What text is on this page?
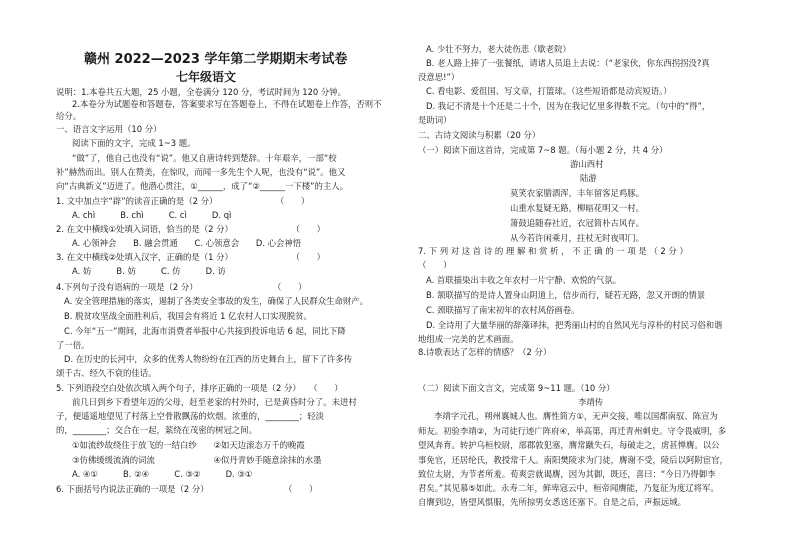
赣州 2022—2023 学年第二学期期末考试卷
七年级语文
说明：1.本卷共五大题，25 小题，全卷满分 120 分，考试时间为 120 分钟。
2.本卷分为试题卷和答题卷，答案要求写在答题卷上，不得在试题卷上作答，否则不
给分。
一、语言文字运用（10 分）
阅读下面的文字，完成 1~3 题。
“做”了，他自己也没有“说”。他又自唐诗转到楚辞。十年艰辛，一部“校
补”赫然而出。别人在赞美，在惊叹，而闻一多先生个人呢，也没有“说”。他又
向“古典新义”迈进了。他潜心贯注，①______，成了“②______一下楼”的主人。
1. 文中加点字“辟”的读音正确的是（2 分）　　　　　　　　（　　）
A. chì　　　B. chì　　　C. cì　　　D. qì
2. 在文中横线①处填入词语，恰当的是（2 分）　　　　　　　　（　　）
A. 心领神会　　B. 融会贯通　　C. 心领意会　　D. 心会神悟
3. 在文中横线②处填入汉字，正确的是（1 分）　　　　　　　　（　　）
A. 妨　　　B. 妨　　　C. 仿　　　D. 访
4.下列句子没有语病的一项是（2 分）　　　　　　　　　　（　　）
A. 安全管理措施的落实，遏制了各类安全事故的发生，确保了人民群众生命财产。
B. 脱贫攻坚战全面胜利后，我国会有将近 1 亿农村人口实现脱贫。
C. 今年“五一”期间，北海市消费者举报中心共接到投诉电话 6 起，同比下降
了一倍。
D. 在历史的长河中，众多的优秀人物纷纷在江西的历史舞台上，留下了许多传
颂千古、经久不衰的佳话。
5. 下列语段空白处依次填入两个句子，排序正确的一项是（2 分）　　（　　）
前几日到乡下看望年迈的父母，赶至老家的村外时，已是黄昏时分了。未进村
子，便遥遥地望见了村落上空骨散飘荡的炊烟。浓重的，________；轻淡
的，________；交合在一起，萦绕在茂密的树冠之间。
①如流纱故绕住于放飞的一结白纱　　②如天边滚态万千的晚霞
③仿佛缓缓流淌的词流　　　　　　　④似丹青妙手随意涂抹的水墨
A. ④①　　　B. ②④　　　C. ③②　　　D. ③①
6. 下面括号内说法正确的一项是（2 分）　　　　　　　　　　（　　）
A. 少壮不努力，老大徒伤悲（歇老院）
B. 老人路上捧了一张餐纸，请诸人员追上去说：（“老家伙，你东西拐拐没?真
没意思!”）
C. 看电影、爱徂国、写文章，打篮球。（这些短语都是动宾短语。）
D. 我记不清是十个还是二十个，因为在我记忆里多得数不完。（句中的“得”，
是助词）
二、古诗文阅读与积累（20 分）
（一）阅读下面这首诗，完成第 7~8 题。（每小题 2 分，共 4 分）
游山西村
陆游
莫笑农家腊酒浑，丰年留客足鸡豚。
山重水复疑无路，柳暗花明又一村。
箫鼓追随春社近，衣冠简朴古风存。
从今若许闲乘月，拄杖无时夜叩门。
7. 下 列 对 这 首 诗 的 理 解 和 赏 析 ， 不 正 确 的 一 项 是 （ 2 分 ）
（　　）
A. 首联描染出丰收之年农村一片宁静、欢悦的气氛。
B. 颔联描写的是诗人置身山阴道上，信步而行，疑若无路，忽又开朗的情景
C. 颈联描写了南宋初年的农村风俗画卷。
D. 全诗用了大量华丽的辞藻译抹，把秀丽山村的自然风光与淳朴的村民习俗和谐
地组成一完美的艺术画面。
8.诗歌表达了怎样的情感？（2 分）
（二）阅读下面文言文，完成第 9~11 题。（10 分）
李靖传
李靖字元孔，朔州襄城人也。膺性简方①，无声交接，唯以国都南驭、陈宣为
师友。初验李靖②，为司徒行迹广阵府④，举高第，再迁青州刺史。守令畏威明，多
望风奔育。转护乌桓校尉，部郡敦犯塞，膺常蹴失石，每破走之，虏甚惮膺。以公
事免官，还居纶氏，教授常千人。南阳樊陵求为门徒，膺谢不受，陵后以阿附宦官，
致位太尉，为节者所羞。荀爽尝就谒膺，因为其御，既还，喜曰：“今日乃得御李
君矣。”其见慕⑤如此。永寿二年，鲜卑寇云中，桓帝闻膺能，乃复征为度辽将军。
自膺到边，皆望风惧服，先所掠男女悉送还塞下。自是之后，声振远域。
